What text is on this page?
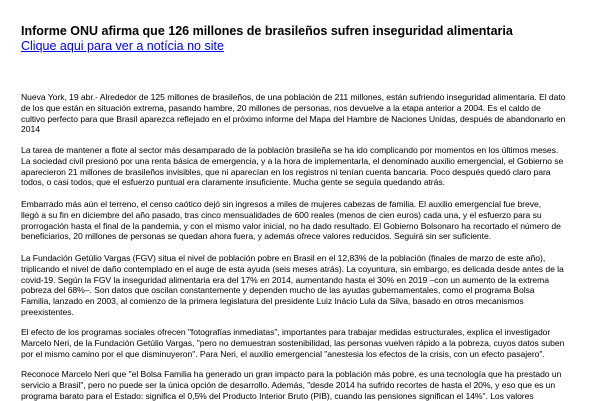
Informe ONU afirma que 126 millones de brasileños sufren inseguridad alimentaria
Clique aqui para ver a notícia no site

Nueva York, 19 abr.- Alrededor de 125 millones de brasileños, de una población de 211 millones, están sufriendo inseguridad alimentaria. El dato
de los que están en situación extrema, pasando hambre, 20 millones de personas, nos devuelve a la etapa anterior a 2004. Es el caldo de
cultivo perfecto para que Brasil aparezca reflejado en el próximo informe del Mapa del Hambre de Naciones Unidas, después de abandonarlo en
2014

La tarea de mantener a flote al sector más desamparado de la población brasileña se ha ido complicando por momentos en los últimos meses.
La sociedad civil presionó por una renta básica de emergencia, y a la hora de implementarla, el denominado auxilio emergencial, el Gobierno se
aparecieron 21 millones de brasileños invisibles, que ni aparecían en los registros ni tenían cuenta bancaria. Poco después quedó claro para
todos, o casi todos, que el esfuerzo puntual era claramente insuficiente. Mucha gente se seguía quedando atrás.

Embarrado más aún el terreno, el censo caótico dejó sin ingresos a miles de mujeres cabezas de familia. El auxilio emergencial fue breve,
llegó a su fin en diciembre del año pasado, tras cinco mensualidades de 600 reales (menos de cien euros) cada una, y el esfuerzo para su
prorrogación hasta el final de la pandemia, y con el mismo valor inicial, no ha dado resultado. El Gobierno Bolsonaro ha recortado el número de
beneficiarios, 20 millones de personas se quedan ahora fuera, y además ofrece valores reducidos. Seguirá sin ser suficiente.

La Fundación Getúlio Vargas (FGV) situa el nivel de población pobre en Brasil en el 12,83% de la población (finales de marzo de este año),
triplicando el nivel de daño contemplado en el auge de esta ayuda (seis meses atrás). La coyuntura, sin embargo, es delicada desde antes de la
covid-19. Según la FGV la inseguridad alimentaria era del 17% en 2014, aumentando hasta el 30% en 2019 –con un aumento de la extrema
pobreza del 68%–. Son datos que oscilan constantemente y dependen mucho de las ayudas gubernamentales, como el programa Bolsa
Familia, lanzado en 2003, al comienzo de la primera legislatura del presidente Luiz Inácio Lula da Silva, basado en otros mecanismos
preexistentes.

El efecto de los programas sociales ofrecen "fotografías inmediatas", importantes para trabajar medidas estructurales, explica el investigador
Marcelo Neri, de la Fundación Getúlio Vargas, "pero no demuestran sostenibilidad, las personas vuelven rápido a la pobreza, cuyos datos suben
por el mismo camino por el que disminuyeron". Para Neri, el auxilio emergencial "anestesia los efectos de la crisis, con un efecto pasajero".

Reconoce Marcelo Neri que "el Bolsa Familia ha generado un gran impacto para la población más pobre, es una tecnología que ha prestado un
servicio a Brasil", pero no puede ser la única opción de desarrollo. Además, "desde 2014 ha sufrido recortes de hasta el 20%, y eso que es un
programa barato para el Estado: significa el 0,5% del Producto Interior Bruto (PIB), cuando las pensiones significan el 14%". Los valores
